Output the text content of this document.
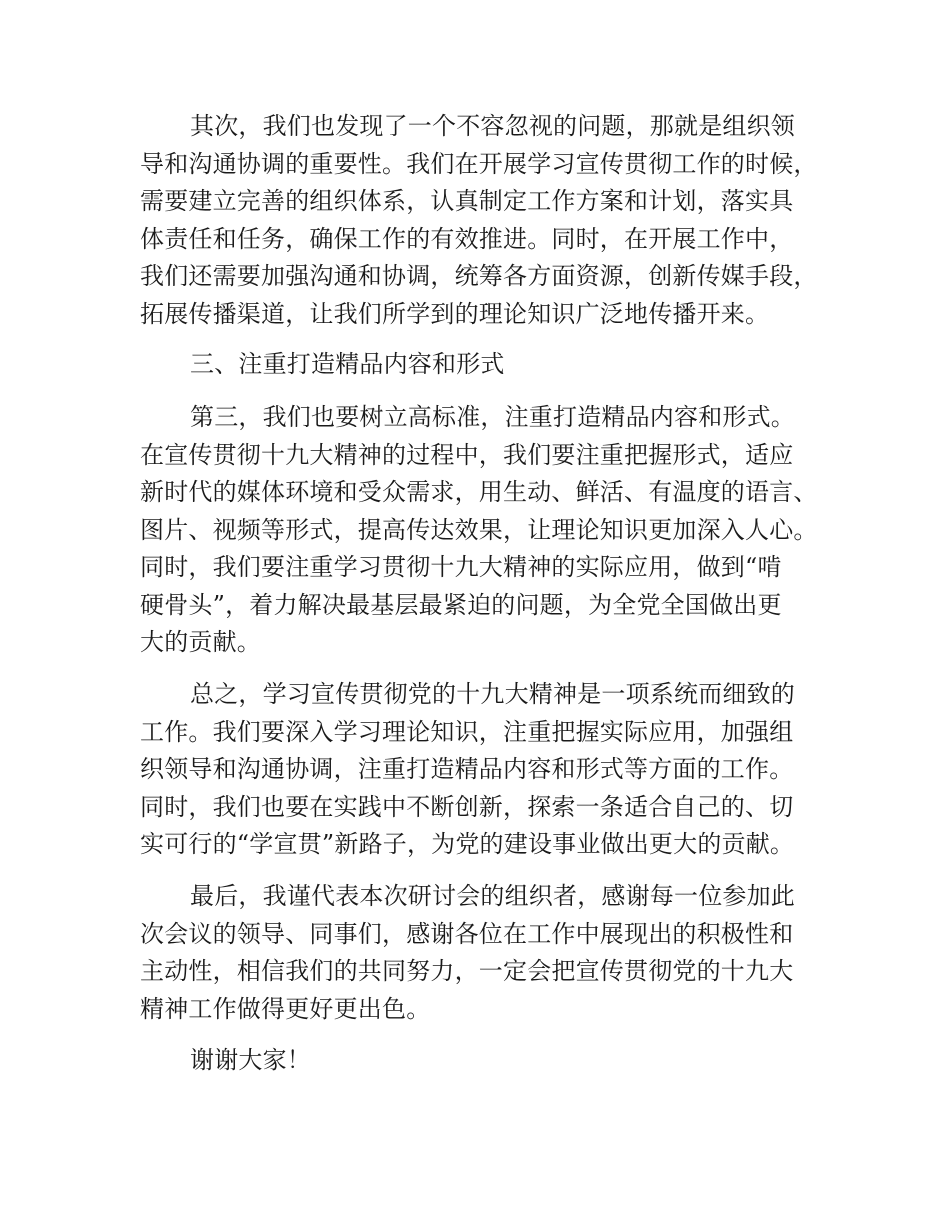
其次，我们也发现了一个不容忽视的问题，那就是组织领
导和沟通协调的重要性。我们在开展学习宣传贯彻工作的时候，
需要建立完善的组织体系，认真制定工作方案和计划，落实具
体责任和任务，确保工作的有效推进。同时，在开展工作中，
我们还需要加强沟通和协调，统筹各方面资源，创新传媒手段，
拓展传播渠道，让我们所学到的理论知识广泛地传播开来。
三、注重打造精品内容和形式
第三，我们也要树立高标准，注重打造精品内容和形式。
在宣传贯彻十九大精神的过程中，我们要注重把握形式，适应
新时代的媒体环境和受众需求，用生动、鲜活、有温度的语言、
图片、视频等形式，提高传达效果，让理论知识更加深入人心。
同时，我们要注重学习贯彻十九大精神的实际应用，做到“啃
硬骨头”，着力解决最基层最紧迫的问题，为全党全国做出更
大的贡献。
总之，学习宣传贯彻党的十九大精神是一项系统而细致的
工作。我们要深入学习理论知识，注重把握实际应用，加强组
织领导和沟通协调，注重打造精品内容和形式等方面的工作。
同时，我们也要在实践中不断创新，探索一条适合自己的、切
实可行的“学宣贯”新路子，为党的建设事业做出更大的贡献。
最后，我谨代表本次研讨会的组织者，感谢每一位参加此
次会议的领导、同事们，感谢各位在工作中展现出的积极性和
主动性，相信我们的共同努力，一定会把宣传贯彻党的十九大
精神工作做得更好更出色。
谢谢大家！
